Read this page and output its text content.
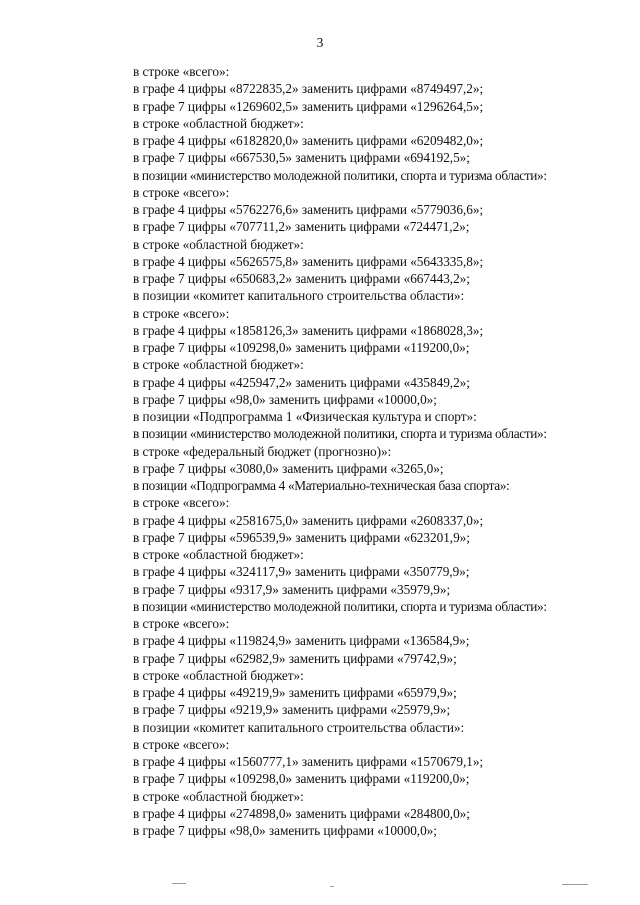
3
в строке «всего»:
в графе 4 цифры «8722835,2» заменить цифрами «8749497,2»;
в графе 7 цифры «1269602,5» заменить цифрами «1296264,5»;
в строке «областной бюджет»:
в графе 4 цифры «6182820,0» заменить цифрами «6209482,0»;
в графе 7 цифры «667530,5» заменить цифрами «694192,5»;
в позиции «министерство молодежной политики, спорта и туризма области»:
в строке «всего»:
в графе 4 цифры «5762276,6» заменить цифрами «5779036,6»;
в графе 7 цифры «707711,2» заменить цифрами «724471,2»;
в строке «областной бюджет»:
в графе 4 цифры «5626575,8» заменить цифрами «5643335,8»;
в графе 7 цифры «650683,2» заменить цифрами «667443,2»;
в позиции «комитет капитального строительства области»:
в строке «всего»:
в графе 4 цифры «1858126,3» заменить цифрами «1868028,3»;
в графе 7 цифры «109298,0» заменить цифрами «119200,0»;
в строке «областной бюджет»:
в графе 4 цифры «425947,2» заменить цифрами «435849,2»;
в графе 7 цифры «98,0» заменить цифрами «10000,0»;
в позиции «Подпрограмма 1 «Физическая культура и спорт»:
в позиции «министерство молодежной политики, спорта и туризма области»:
в строке «федеральный бюджет (прогнозно)»:
в графе 7 цифры «3080,0» заменить цифрами «3265,0»;
в позиции «Подпрограмма 4 «Материально-техническая база спорта»:
в строке «всего»:
в графе 4 цифры «2581675,0» заменить цифрами «2608337,0»;
в графе 7 цифры «596539,9» заменить цифрами «623201,9»;
в строке «областной бюджет»:
в графе 4 цифры «324117,9» заменить цифрами «350779,9»;
в графе 7 цифры «9317,9» заменить цифрами «35979,9»;
в позиции «министерство молодежной политики, спорта и туризма области»:
в строке «всего»:
в графе 4 цифры «119824,9» заменить цифрами «136584,9»;
в графе 7 цифры «62982,9» заменить цифрами «79742,9»;
в строке «областной бюджет»:
в графе 4 цифры «49219,9» заменить цифрами «65979,9»;
в графе 7 цифры «9219,9» заменить цифрами «25979,9»;
в позиции «комитет капитального строительства области»:
в строке «всего»:
в графе 4 цифры «1560777,1» заменить цифрами «1570679,1»;
в графе 7 цифры «109298,0» заменить цифрами «119200,0»;
в строке «областной бюджет»:
в графе 4 цифры «274898,0» заменить цифрами «284800,0»;
в графе 7 цифры «98,0» заменить цифрами «10000,0»;
